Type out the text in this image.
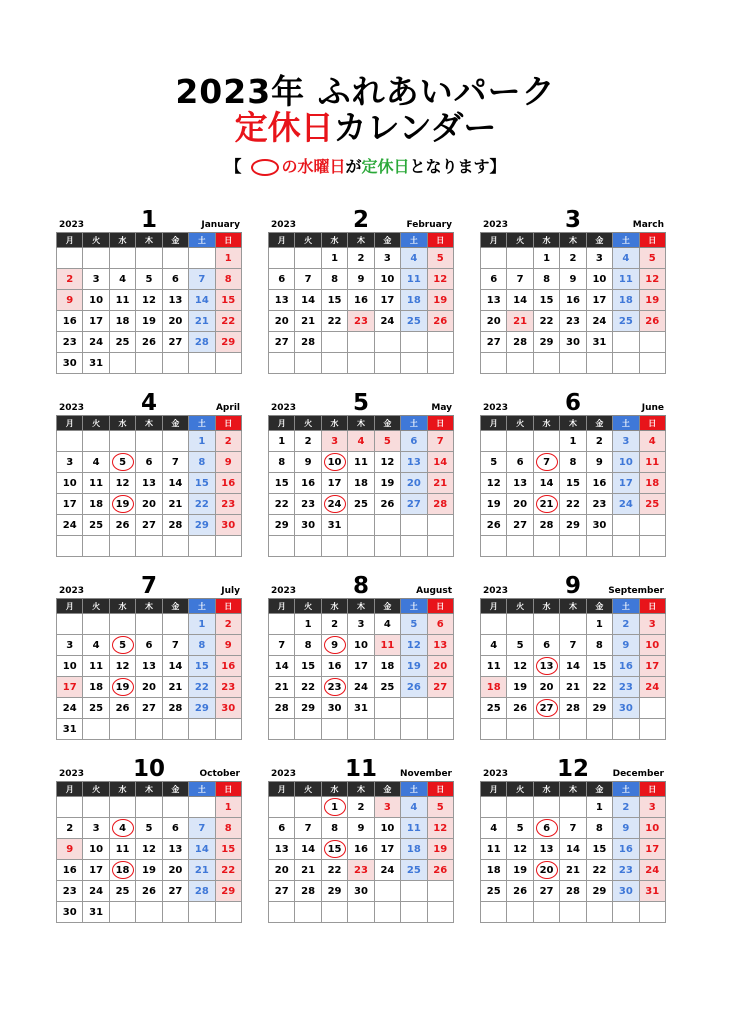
2023年 ふれあいパーク
定休日カレンダー
【	の水曜日が定休日となります】
2023	1	January
月	火	水	木	金	土	日
						1
2	3	4	5	6	7	8
9	10	11	12	13	14	15
16	17	18	19	20	21	22
23	24	25	26	27	28	29
30	31					
2023	2	February
月	火	水	木	金	土	日
		1	2	3	4	5
6	7	8	9	10	11	12
13	14	15	16	17	18	19
20	21	22	23	24	25	26
27	28					

2023	3	March
月	火	水	木	金	土	日
		1	2	3	4	5
6	7	8	9	10	11	12
13	14	15	16	17	18	19
20	21	22	23	24	25	26
27	28	29	30	31		

2023	4	April
月	火	水	木	金	土	日
					1	2
3	4	5	6	7	8	9
10	11	12	13	14	15	16
17	18	19	20	21	22	23
24	25	26	27	28	29	30

2023	5	May
月	火	水	木	金	土	日
1	2	3	4	5	6	7
8	9	10	11	12	13	14
15	16	17	18	19	20	21
22	23	24	25	26	27	28
29	30	31				

2023	6	June
月	火	水	木	金	土	日
			1	2	3	4
5	6	7	8	9	10	11
12	13	14	15	16	17	18
19	20	21	22	23	24	25
26	27	28	29	30		

2023	7	July
月	火	水	木	金	土	日
					1	2
3	4	5	6	7	8	9
10	11	12	13	14	15	16
17	18	19	20	21	22	23
24	25	26	27	28	29	30
31						
2023	8	August
月	火	水	木	金	土	日
	1	2	3	4	5	6
7	8	9	10	11	12	13
14	15	16	17	18	19	20
21	22	23	24	25	26	27
28	29	30	31			

2023	9	September
月	火	水	木	金	土	日
				1	2	3
4	5	6	7	8	9	10
11	12	13	14	15	16	17
18	19	20	21	22	23	24
25	26	27	28	29	30	

2023	10	October
月	火	水	木	金	土	日
						1
2	3	4	5	6	7	8
9	10	11	12	13	14	15
16	17	18	19	20	21	22
23	24	25	26	27	28	29
30	31					
2023	11	November
月	火	水	木	金	土	日
		1	2	3	4	5
6	7	8	9	10	11	12
13	14	15	16	17	18	19
20	21	22	23	24	25	26
27	28	29	30			

2023	12	December
月	火	水	木	金	土	日
				1	2	3
4	5	6	7	8	9	10
11	12	13	14	15	16	17
18	19	20	21	22	23	24
25	26	27	28	29	30	31
